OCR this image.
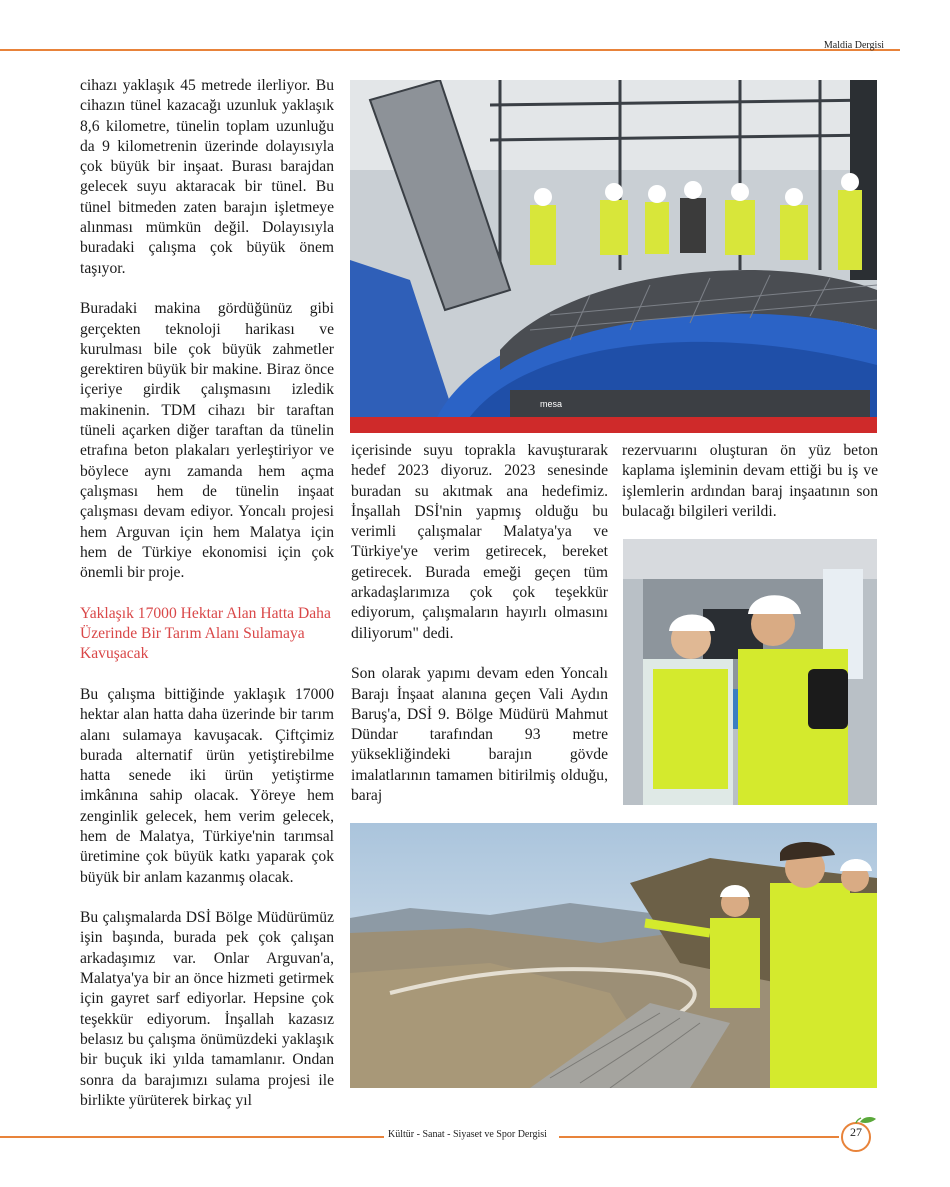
Maldia Dergisi
Kültür - Sanat - Siyaset ve Spor Dergisi	27

cihazı yaklaşık 45 metrede ilerliyor. Bu cihazın tünel kazacağı uzunluk yaklaşık 8,6 kilometre, tünelin toplam uzunluğu da 9 kilometrenin üzerinde dolayısıyla çok büyük bir inşaat. Burası barajdan gelecek suyu aktaracak bir tünel. Bu tünel bitmeden zaten barajın işletmeye alınması mümkün değil. Dolayısıyla buradaki çalışma çok büyük önem taşıyor.

Buradaki makina gördüğünüz gibi gerçekten teknoloji harikası ve kurulması bile çok büyük zahmetler gerektiren büyük bir makine. Biraz önce içeriye girdik çalışmasını izledik makinenin. TDM cihazı bir taraftan tüneli açarken diğer taraftan da tünelin etrafına beton plakaları yerleştiriyor ve böylece aynı zamanda hem açma çalışması hem de tünelin inşaat çalışması devam ediyor. Yoncalı projesi hem Arguvan için hem Malatya için hem de Türkiye ekonomisi için çok önemli bir proje.

Yaklaşık 17000 Hektar Alan Hatta Daha Üzerinde Bir Tarım Alanı Sulamaya Kavuşacak

Bu çalışma bittiğinde yaklaşık 17000 hektar alan hatta daha üzerinde bir tarım alanı sulamaya kavuşacak. Çiftçimiz burada alternatif ürün yetiştirebilme hatta senede iki ürün yetiştirme imkânına sahip olacak. Yöreye hem zenginlik gelecek, hem verim gelecek, hem de Malatya, Türkiye'nin tarımsal üretimine çok büyük katkı yaparak çok büyük bir anlam kazanmış olacak.

Bu çalışmalarda DSİ Bölge Müdürümüz işin başında, burada pek çok çalışan arkadaşımız var. Onlar Arguvan'a, Malatya'ya bir an önce hizmeti getirmek için gayret sarf ediyorlar. Hepsine çok teşekkür ediyorum. İnşallah kazasız belasız bu çalışma önümüzdeki yaklaşık bir buçuk iki yılda tamamlanır. Ondan sonra da barajımızı sulama projesi ile birlikte yürüterek birkaç yıl

içerisinde suyu toprakla kavuşturarak hedef 2023 diyoruz. 2023 senesinde buradan su akıtmak ana hedefimiz. İnşallah DSİ'nin yapmış olduğu bu verimli çalışmalar Malatya'ya ve Türkiye'ye verim getirecek, bereket getirecek. Burada emeği geçen tüm arkadaşlarımıza çok çok teşekkür ediyorum, çalışmaların hayırlı olmasını diliyorum" dedi.

Son olarak yapımı devam eden Yoncalı Barajı İnşaat alanına geçen Vali Aydın Baruş'a, DSİ 9. Bölge Müdürü Mahmut Dündar tarafından 93 metre yüksekliğindeki barajın gövde imalatlarının tamamen bitirilmiş olduğu, baraj

rezervuarını oluşturan ön yüz beton kaplama işleminin devam ettiği bu iş ve işlemlerin ardından baraj inşaatının son bulacağı bilgileri verildi.

mesa
